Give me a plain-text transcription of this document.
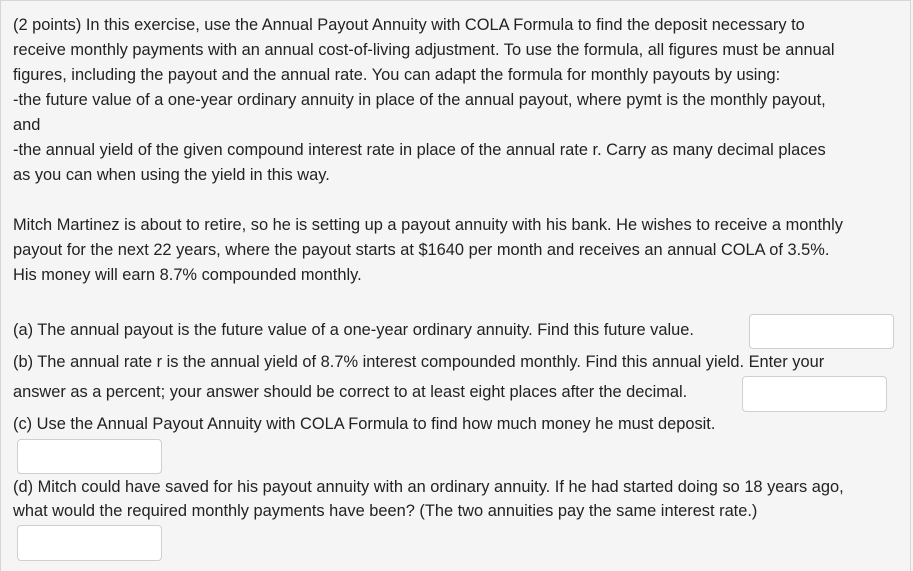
(2 points) In this exercise, use the Annual Payout Annuity with COLA Formula to find the deposit necessary to
receive monthly payments with an annual cost-of-living adjustment. To use the formula, all figures must be annual
figures, including the payout and the annual rate. You can adapt the formula for monthly payouts by using:
-the future value of a one-year ordinary annuity in place of the annual payout, where pymt is the monthly payout,
and
-the annual yield of the given compound interest rate in place of the annual rate r. Carry as many decimal places
as you can when using the yield in this way.
Mitch Martinez is about to retire, so he is setting up a payout annuity with his bank. He wishes to receive a monthly
payout for the next 22 years, where the payout starts at $1640 per month and receives an annual COLA of 3.5%.
His money will earn 8.7% compounded monthly.
(a) The annual payout is the future value of a one-year ordinary annuity. Find this future value.
(b) The annual rate r is the annual yield of 8.7% interest compounded monthly. Find this annual yield. Enter your
answer as a percent; your answer should be correct to at least eight places after the decimal.
(c) Use the Annual Payout Annuity with COLA Formula to find how much money he must deposit.
(d) Mitch could have saved for his payout annuity with an ordinary annuity. If he had started doing so 18 years ago,
what would the required monthly payments have been? (The two annuities pay the same interest rate.)
